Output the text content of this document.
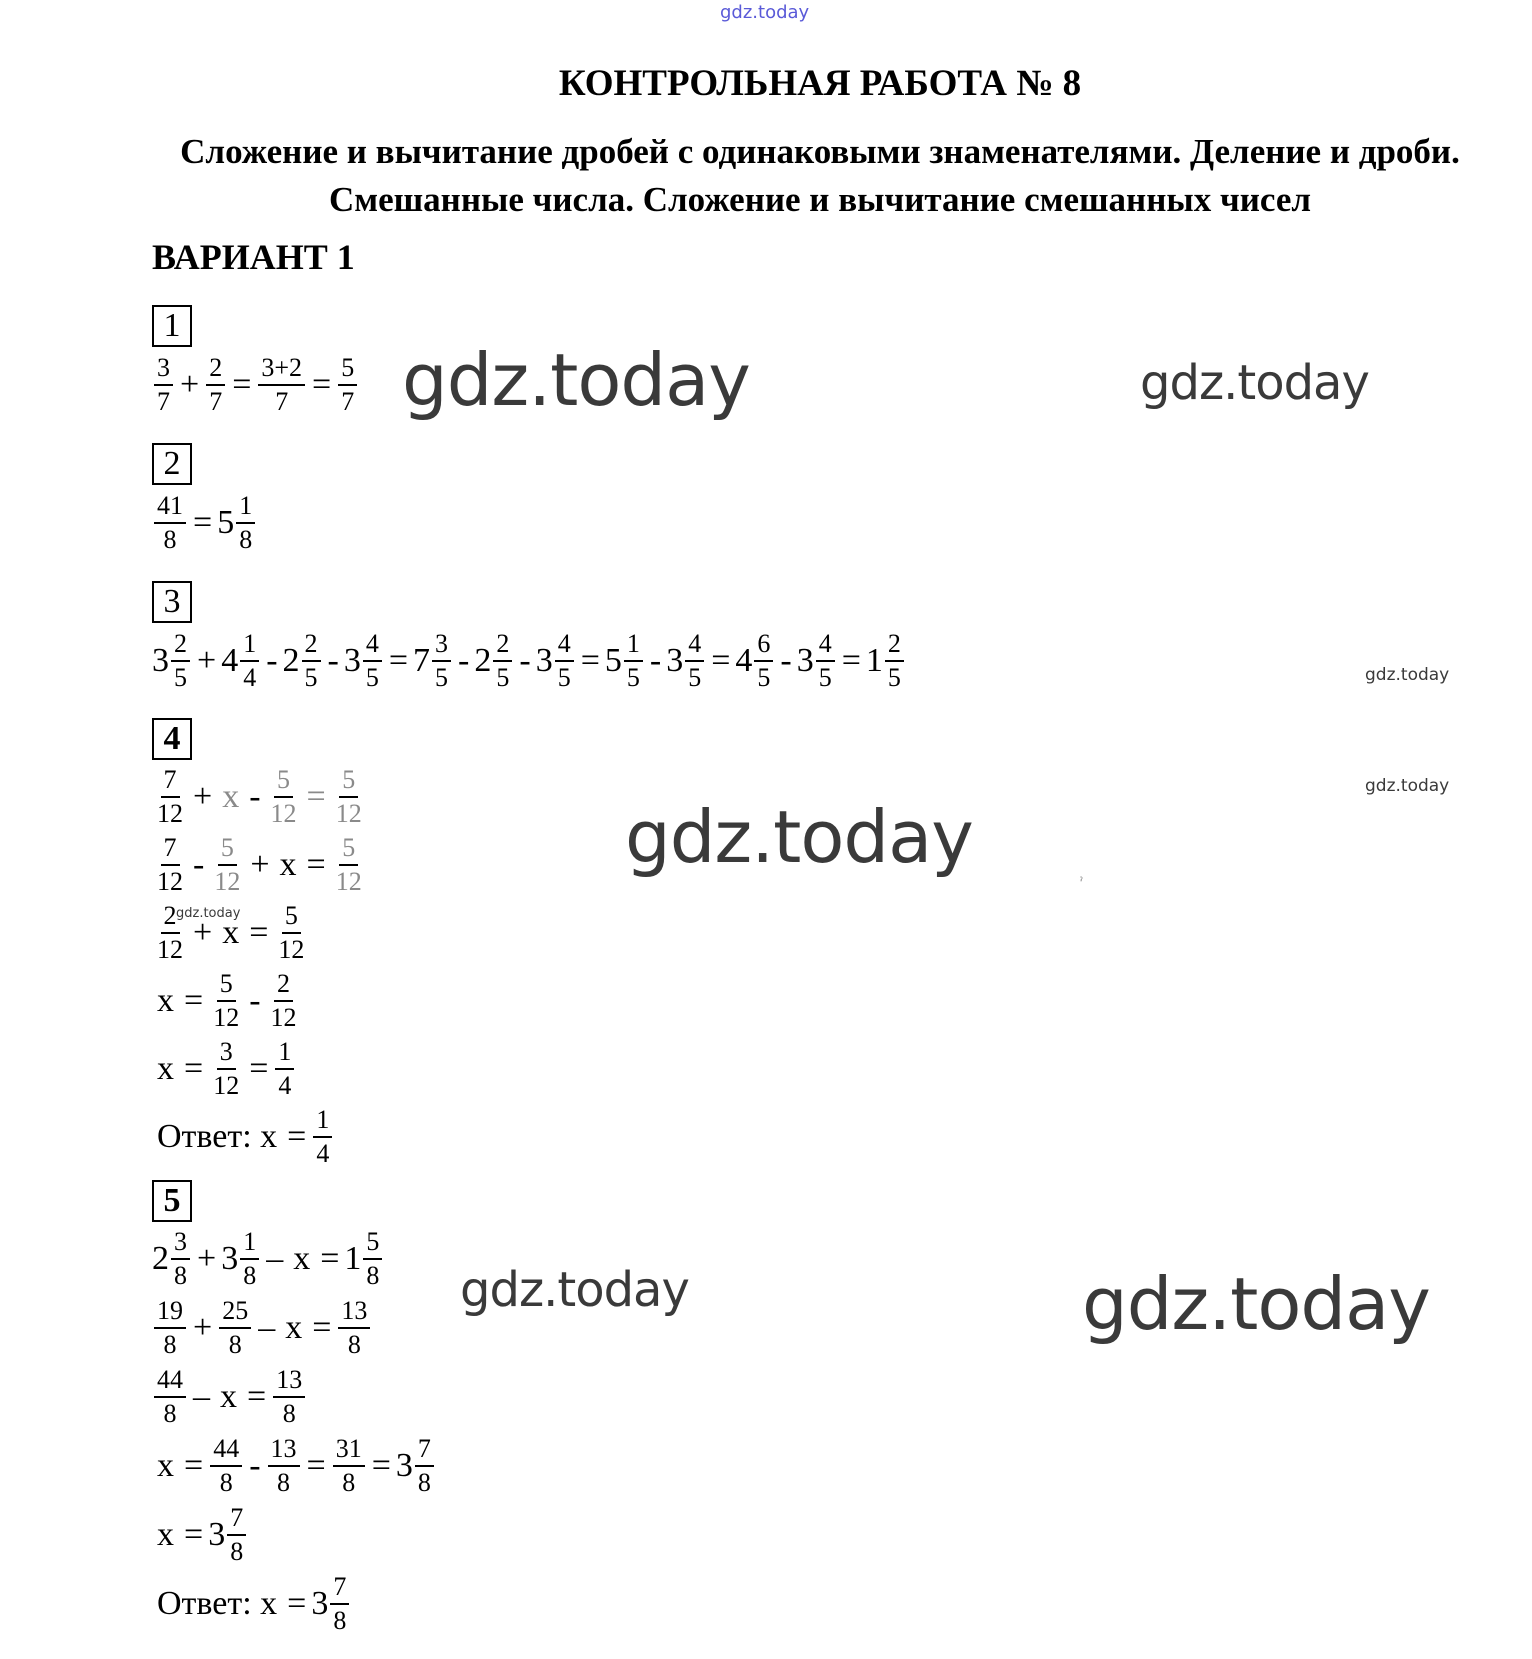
gdz.today
gdz.today	gdz.today
gdz.today
gdz.today
gdz.today
gdz.today
gdz.today	gdz.today
ˀ
КОНТРОЛЬНАЯ РАБОТА № 8
Сложение и вычитание дробей с одинаковыми знаменателями. Деление и дроби. Смешанные числа. Сложение и вычитание смешанных чисел
ВАРИАНТ 1
1
2
3
4
5
$\frac{3}{7} + \frac{2}{7} = \frac{3+2}{7} = \frac{5}{7}$
$\frac{41}{8} = 5 \frac{1}{8}$
$3 \frac{2}{5} + 4 \frac{1}{4} - 2 \frac{2}{5} - 3 \frac{4}{5} = 7 \frac{3}{5} - 2 \frac{2}{5} - 3 \frac{4}{5} = 5 \frac{1}{5} - 3 \frac{4}{5} = 4 \frac{6}{5} - 3 \frac{4}{5} = 1 \frac{2}{5}$
$\frac{7}{12} + x - \frac{5}{12} = \frac{5}{12}$
$\frac{7}{12} - \frac{5}{12} + x = \frac{5}{12}$
$\frac{2}{12} + x = \frac{5}{12}$
$x = \frac{5}{12} - \frac{2}{12}$
$x = \frac{3}{12} = \frac{1}{4}$
Ответ: $x = \frac{1}{4}$
$2 \frac{3}{8} + 3 \frac{1}{8} - x = 1 \frac{5}{8}$
$\frac{19}{8} + \frac{25}{8} - x = \frac{13}{8}$
$\frac{44}{8} - x = \frac{13}{8}$
$x = \frac{44}{8} - \frac{13}{8} = \frac{31}{8} = 3 \frac{7}{8}$
$x = 3 \frac{7}{8}$
Ответ: $x = 3 \frac{7}{8}$
